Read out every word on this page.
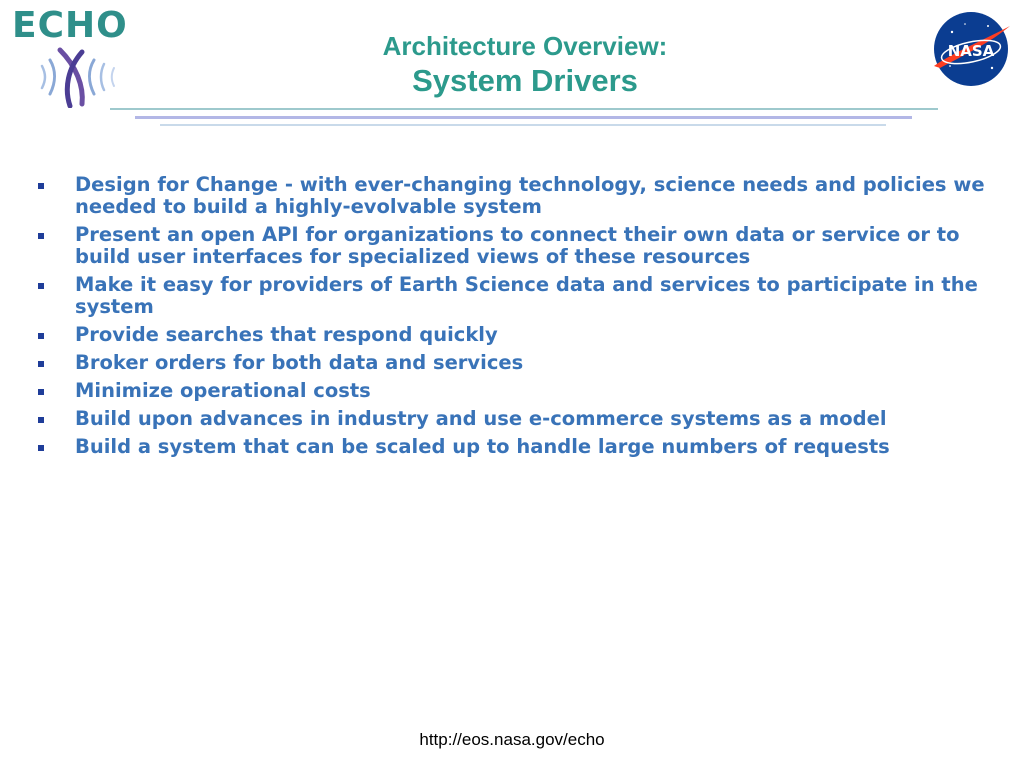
ECHO
NASA
Architecture Overview:
System Drivers
Design for Change - with ever-changing technology, science needs and policies we needed to build a highly-evolvable system
Present an open API for organizations to connect their own data or service or to build user interfaces for specialized views of these resources
Make it easy for providers of Earth Science data and services to participate in the system
Provide searches that respond quickly
Broker orders for both data and services
Minimize operational costs
Build upon advances in industry and use e-commerce systems as a model
Build a system that can be scaled up to handle large numbers of requests
http://eos.nasa.gov/echo
